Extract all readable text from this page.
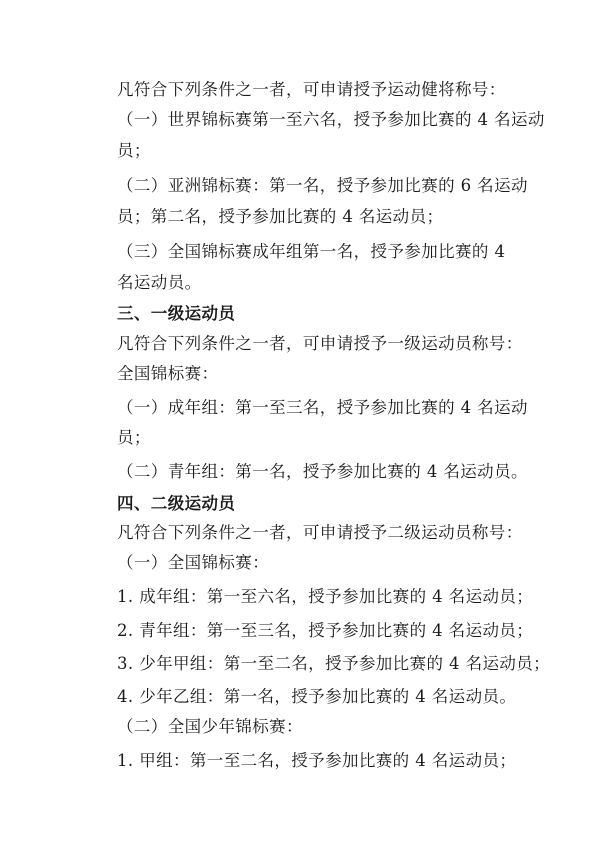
凡符合下列条件之一者，可申请授予运动健将称号：
（一）世界锦标赛第一至六名，授予参加比赛的 4 名运动
员；
（二）亚洲锦标赛：第一名，授予参加比赛的 6 名运动
员；第二名，授予参加比赛的 4 名运动员；
（三）全国锦标赛成年组第一名，授予参加比赛的 4
名运动员。
三、一级运动员
凡符合下列条件之一者，可申请授予一级运动员称号：
全国锦标赛：
（一）成年组：第一至三名，授予参加比赛的 4 名运动
员；
（二）青年组：第一名，授予参加比赛的 4 名运动员。
四、二级运动员
凡符合下列条件之一者，可申请授予二级运动员称号：
（一）全国锦标赛：
1. 成年组：第一至六名，授予参加比赛的 4 名运动员；
2. 青年组：第一至三名，授予参加比赛的 4 名运动员；
3. 少年甲组：第一至二名，授予参加比赛的 4 名运动员；
4. 少年乙组：第一名，授予参加比赛的 4 名运动员。
（二）全国少年锦标赛：
1. 甲组：第一至二名，授予参加比赛的 4 名运动员；
